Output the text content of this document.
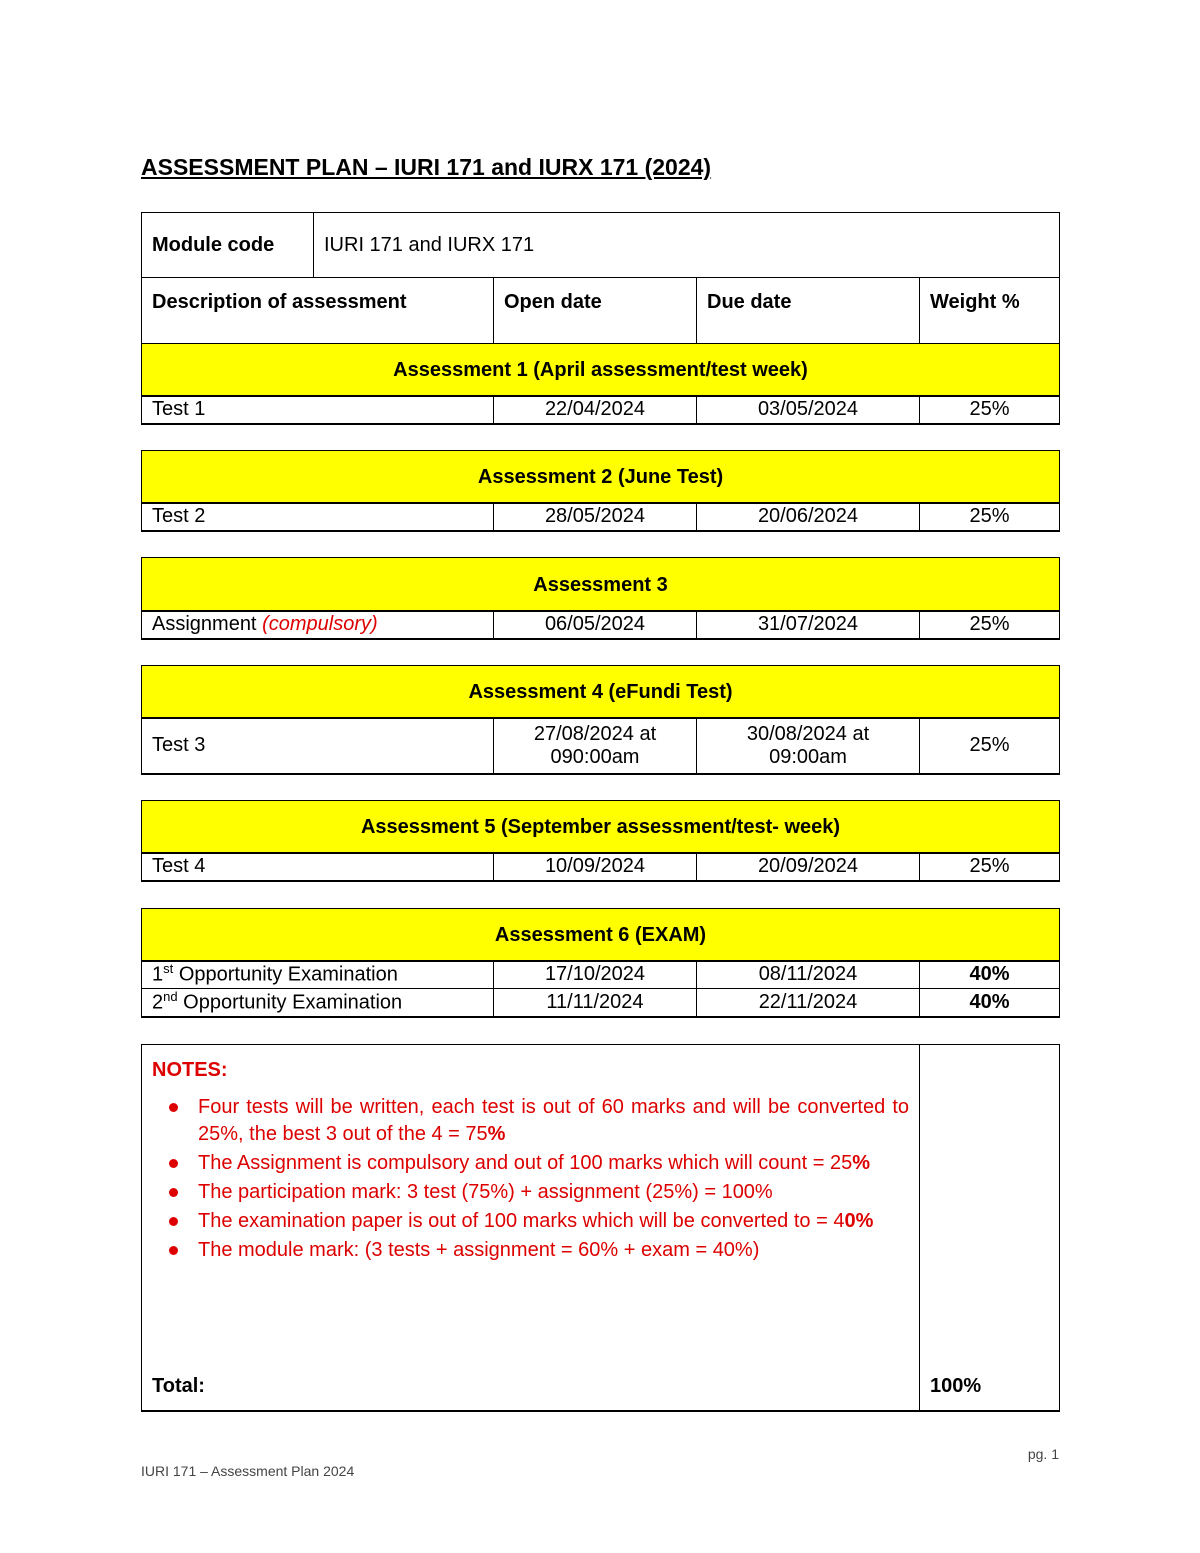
ASSESSMENT PLAN – IURI 171 and IURX 171 (2024)
Module code	IURI 171 and IURX 171			
Description of assessment		Open date	Due date	Weight %
Assessment 1 (April assessment/test week)				
Test 1		22/04/2024	03/05/2024	25%
Assessment 2 (June Test)
Test 2	28/05/2024	20/06/2024	25%
Assessment 3
Assignment (compulsory)	06/05/2024	31/07/2024	25%
Assessment 4 (eFundi Test)
Test 3	27/08/2024 at 090:00am	30/08/2024 at 09:00am	25%
Assessment 5 (September assessment/test- week)
Test 4	10/09/2024	20/09/2024	25%
Assessment 6 (EXAM)			
1st Opportunity Examination	17/10/2024	08/11/2024	40%
2nd Opportunity Examination	11/11/2024	22/11/2024	40%
NOTES:
Four tests will be written, each test is out of 60 marks and will be converted to 25%, the best 3 out of the 4 = 75%
The Assignment is compulsory and out of 100 marks which will count = 25%
The participation mark: 3 test (75%) + assignment (25%) = 100%
The examination paper is out of 100 marks which will be converted to = 40%
The module mark: (3 tests + assignment = 60% + exam = 40%)
Total:	100%
pg. 1
IURI 171 – Assessment Plan 2024
